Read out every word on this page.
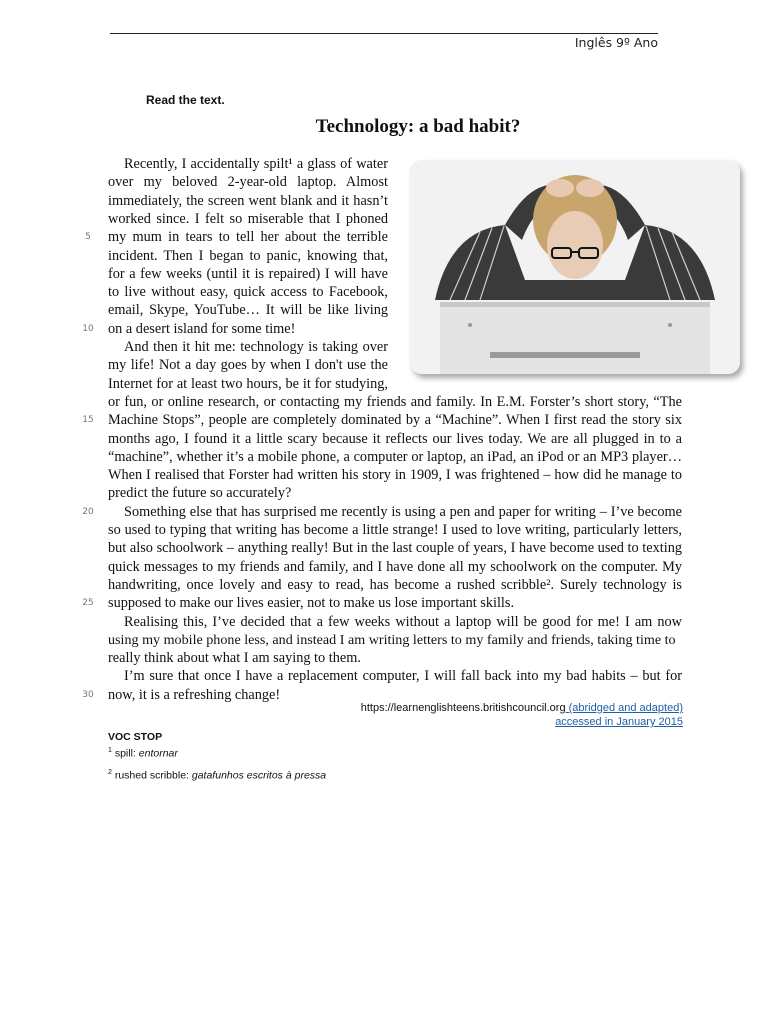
Inglês 9º Ano
Read the text.
Technology: a bad habit?
Recently, I accidentally spilt¹ a glass of water
over my beloved 2-year-old laptop. Almost
immediately, the screen went blank and it hasn’t
worked since. I felt so miserable that I phoned
5	my mum in tears to tell her about the terrible
incident. Then I began to panic, knowing that,
for a few weeks (until it is repaired) I will have
to live without easy, quick access to Facebook,
email, Skype, YouTube… It will be like living
10 on a desert island for some time!
And then it hit me: technology is taking over
my life! Not a day goes by when I don't use the
Internet for at least two hours, be it for studying,
or fun, or online research, or contacting my friends and family. In E.M. Forster’s short story, “The
15 Machine Stops”, people are completely dominated by a “Machine”. When I first read the story six
months ago, I found it a little scary because it reflects our lives today. We are all plugged in to a
“machine”, whether it’s a mobile phone, a computer or laptop, an iPad, an iPod or an MP3 player…
When I realised that Forster had written his story in 1909, I was frightened – how did he manage to
predict the future so accurately?
20 Something else that has surprised me recently is using a pen and paper for writing – I’ve become
so used to typing that writing has become a little strange! I used to love writing, particularly letters,
but also schoolwork – anything really! But in the last couple of years, I have become used to texting
quick messages to my friends and family, and I have done all my schoolwork on the computer. My
handwriting, once lovely and easy to read, has become a rushed scribble². Surely technology is
25 supposed to make our lives easier, not to make us lose important skills.
Realising this, I’ve decided that a few weeks without a laptop will be good for me! I am now
using my mobile phone less, and instead I am writing letters to my family and friends, taking time to
really think about what I am saying to them.
I’m sure that once I have a replacement computer, I will fall back into my bad habits – but for
30 now, it is a refreshing change!
https://learnenglishteens.britishcouncil.org (abridged and adapted)
accessed in January 2015
VOC STOP
$^1$ spill: entornar
$^2$ rushed scribble: gatafunhos escritos à pressa
